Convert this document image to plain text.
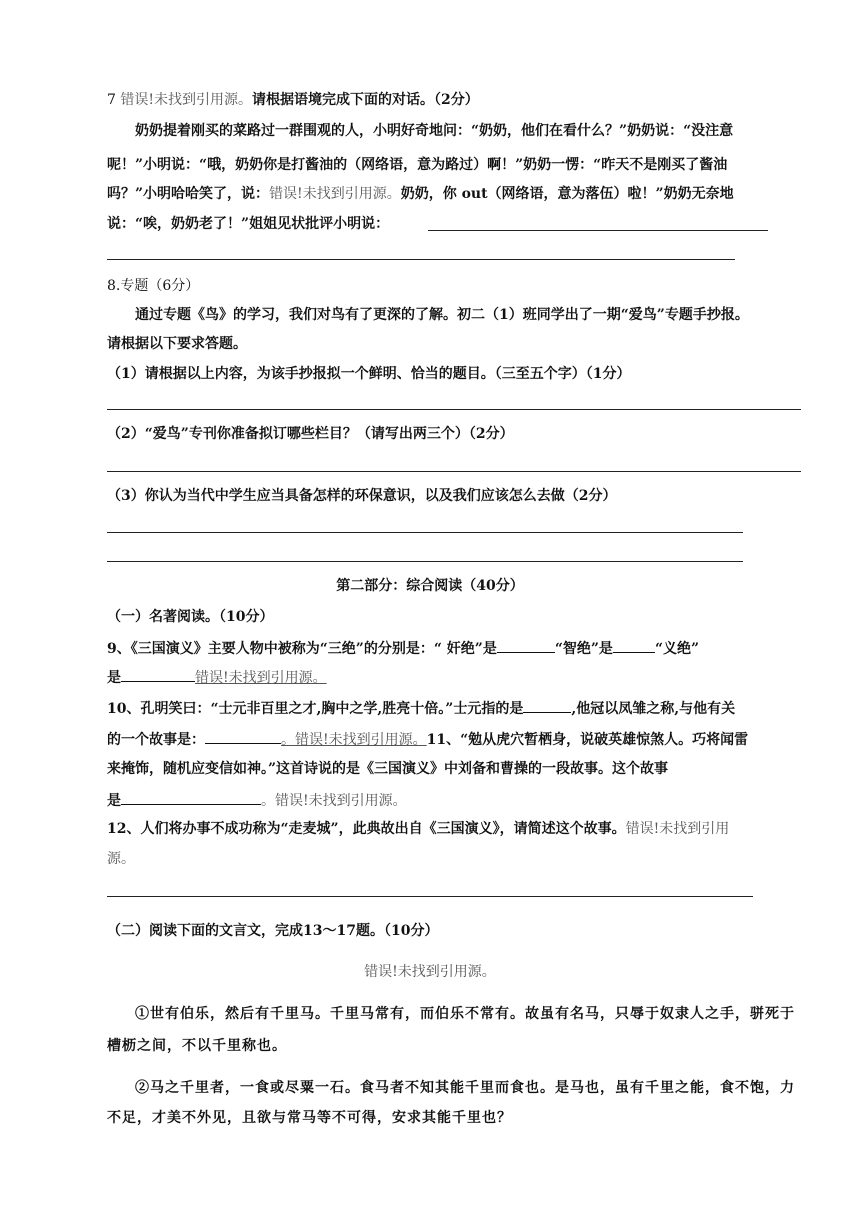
7 错误!未找到引用源。请根据语境完成下面的对话。（2分）
奶奶提着刚买的菜路过一群围观的人，小明好奇地问：“奶奶，他们在看什么？”奶奶说：“没注意
呢！”小明说：“哦，奶奶你是打酱油的（网络语，意为路过）啊！”奶奶一愣：“昨天不是刚买了酱油
吗？”小明哈哈笑了，说：错误!未找到引用源。奶奶，你 out（网络语，意为落伍）啦！”奶奶无奈地
说：“唉，奶奶老了！”姐姐见状批评小明说：
8.专题（6分）
通过专题《鸟》的学习，我们对鸟有了更深的了解。初二（1）班同学出了一期“爱鸟”专题手抄报。
请根据以下要求答题。
（1）请根据以上内容，为该手抄报拟一个鲜明、恰当的题目。（三至五个字）（1分）
（2）“爱鸟”专刊你准备拟订哪些栏目？（请写出两三个）（2分）
（3）你认为当代中学生应当具备怎样的环保意识，以及我们应该怎么去做（2分）
第二部分：综合阅读（40分）
（一）名著阅读。（10分）
9、《三国演义》主要人物中被称为“三绝”的分别是：“ 奸绝”是	“智绝”是	“义绝”
是	错误!未找到引用源。
10、孔明笑曰：“士元非百里之才,胸中之学,胜亮十倍。”士元指的是	,他冠以凤雏之称,与他有关
的一个故事是：	。错误!未找到引用源。11、“勉从虎穴暂栖身，说破英雄惊煞人。巧将闻雷
来掩饰，随机应变信如神。”这首诗说的是《三国演义》中刘备和曹操的一段故事。这个故事
是	。错误!未找到引用源。
12、人们将办事不成功称为“走麦城”，此典故出自《三国演义》，请简述这个故事。错误!未找到引用
源。
（二）阅读下面的文言文，完成13～17题。（10分）
错误!未找到引用源。
①世有伯乐，然后有千里马。千里马常有，而伯乐不常有。故虽有名马，只辱于奴隶人之手，骈死于
槽枥之间，不以千里称也。
②马之千里者，一食或尽粟一石。食马者不知其能千里而食也。是马也，虽有千里之能，食不饱，力
不足，才美不外见，且欲与常马等不可得，安求其能千里也？
